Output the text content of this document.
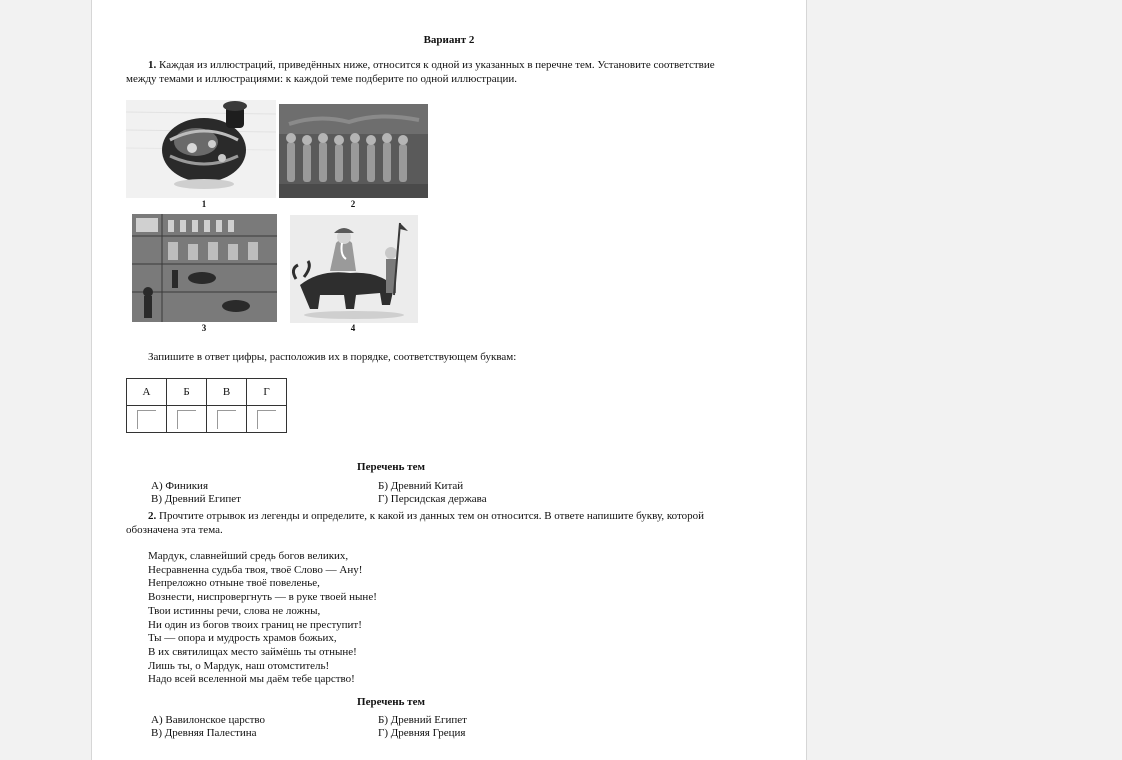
Вариант 2
1. Каждая из иллюстраций, приведённых ниже, относится к одной из указанных в перечне тем. Установите соответствие
между темами и иллюстрациями: к каждой теме подберите по одной иллюстрации.
1	2
3	4
Запишите в ответ цифры, расположив их в порядке, соответствующем буквам:
А	Б	В	Г

Перечень тем
А) Финикия	Б) Древний Китай
В) Древний Египет	Г) Персидская держава
2. Прочтите отрывок из легенды и определите, к какой из данных тем он относится. В ответе напишите букву, которой
обозначена эта тема.
Мардук, славнейший средь богов великих,
Несравненна судьба твоя, твоё Слово — Ану!
Непреложно отныне твоё повеленье,
Вознести, ниспровергнуть — в руке твоей ныне!
Твои истинны речи, слова не ложны,
Ни один из богов твоих границ не преступит!
Ты — опора и мудрость храмов божьих,
В их святилищах место займёшь ты отныне!
Лишь ты, о Мардук, наш отомститель!
Надо всей вселенной мы даём тебе царство!
Перечень тем
А) Вавилонское царство	Б) Древний Египет
В) Древняя Палестина	Г) Древняя Греция
